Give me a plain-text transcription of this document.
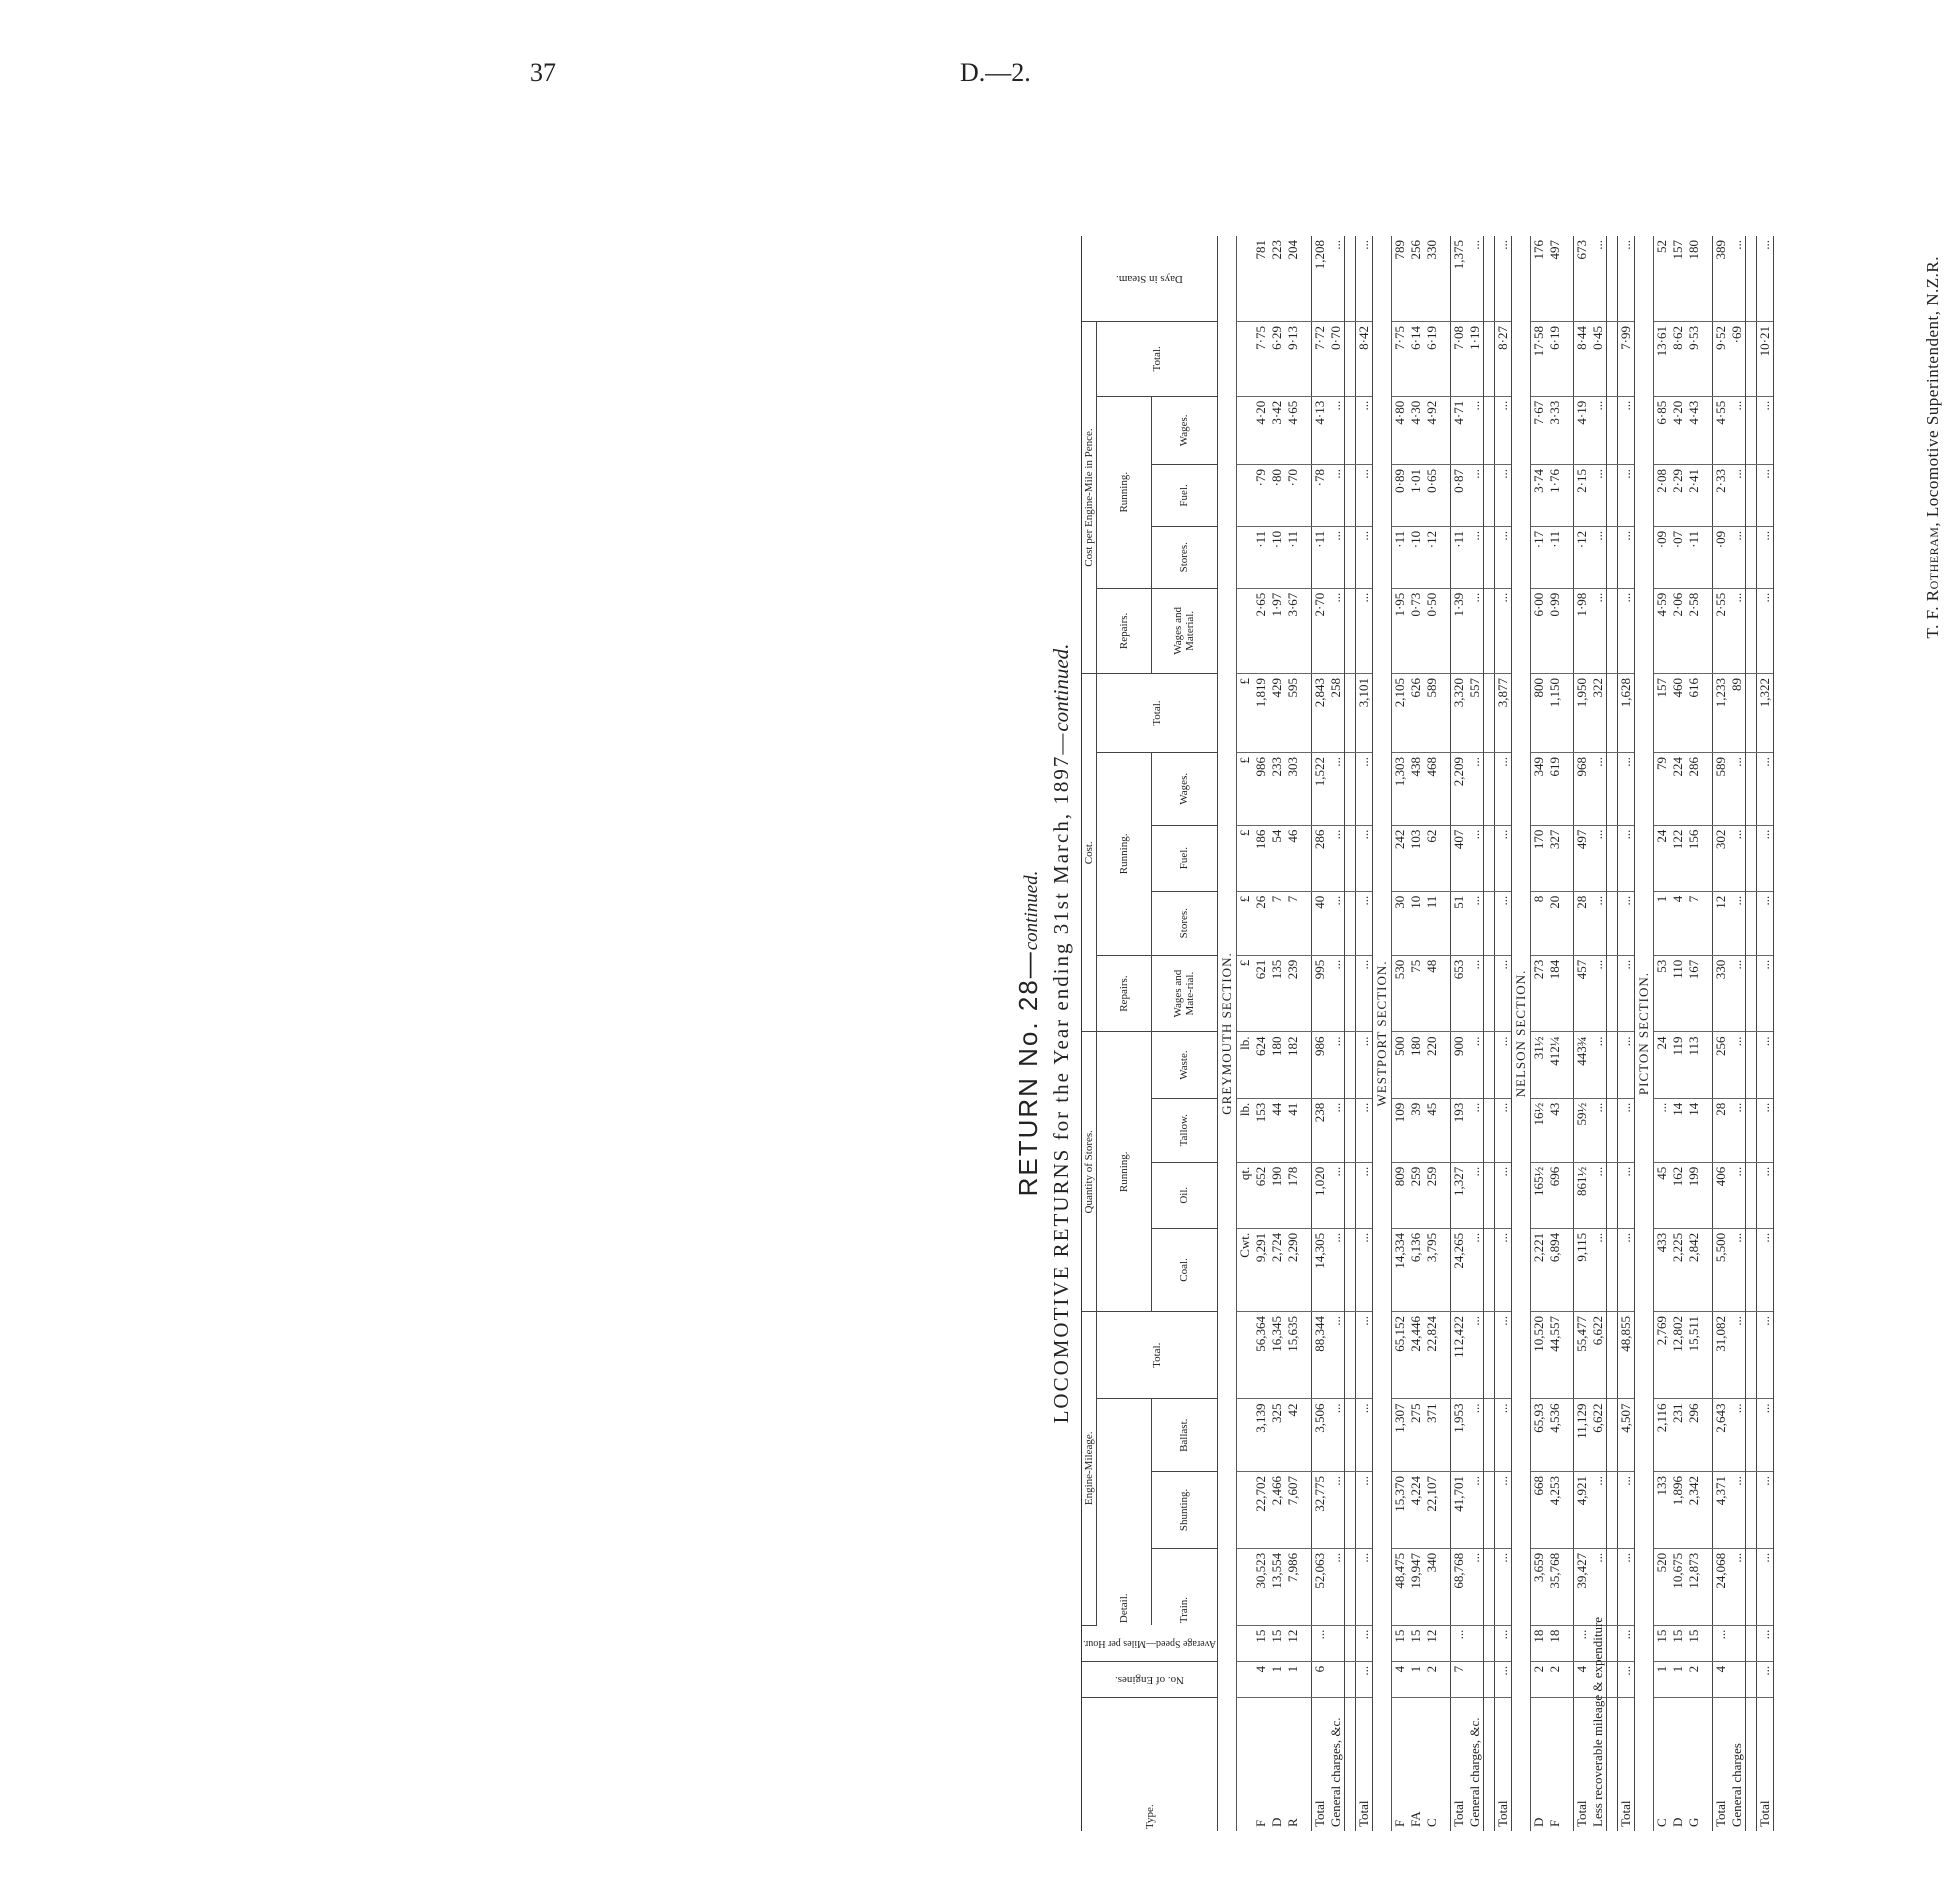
37	D.—2.
RETURN No. 28—continued. LOCOMOTIVE RETURNS for the Year ending 31st March, 1897—continued.
Type.	No. of Engines.	Average Speed—Miles per Hour.	Engine-Mileage.				Quantity of Stores.				Cost.					Cost per Engine-Mile in Pence.					Days in Steam.

			Detail.			Total.	Running.				Repairs.	Running.			Total.	Repairs.	Running.			Total.	
			Train.	Shunting.	Ballast.		Coal.	Oil.	Tallow.	Waste.	Wages and Mate-rial.	Stores.	Fuel.	Wages.		Wages and Material.	Stores.	Fuel.	Wages.		

GREYMOUTH SECTION.																					
							Cwt.	qt.	lb.	lb.	£	£	£	£	£						
F	4	15	30,523	22,702	3,139	56,364	9,291	652	153	624	621	26	186	986	1,819	2·65	·11	·79	4·20	7·75	781
D	1	15	13,554	2,466	325	16,345	2,724	190	44	180	135	7	54	233	429	1·97	·10	·80	3·42	6·29	223
R	1	12	7,986	7,607	42	15,635	2,290	178	41	182	239	7	46	303	595	3·67	·11	·70	4·65	9·13	204

Total	6	...	52,063	32,775	3,506	88,344	14,305	1,020	238	986	995	40	286	1,522	2,843	2·70	·11	·78	4·13	7·72	1,208
General charges, &c.			...	...	...	...	...	...	...	...	...	...	...	...	258	...	...	...	...	0·70	...

Total	...	...	...	...	...	...	...	...	...	...	...	...	...	...	3,101	...	...	...	...	8·42	...
WESTPORT SECTION.																					
F	4	15	48,475	15,370	1,307	65,152	14,334	809	109	500	530	30	242	1,303	2,105	1·95	·11	0·89	4·80	7·75	789
FA	1	15	19,947	4,224	275	24,446	6,136	259	39	180	75	10	103	438	626	0·73	·10	1·01	4·30	6·14	256
C	2	12	340	22,107	371	22,824	3,795	259	45	220	48	11	62	468	589	0·50	·12	0·65	4·92	6·19	330

Total	7	...	68,768	41,701	1,953	112,422	24,265	1,327	193	900	653	51	407	2,209	3,320	1·39	·11	0·87	4·71	7·08	1,375
General charges, &c.			...	...	...	...	...	...	...	...	...	...	...	...	557	...	...	...	...	1·19	...

Total	...	...	...	...	...	...	...	...	...	...	...	...	...	...	3,877	...	...	...	...	8·27	...
NELSON SECTION.																					
D	2	18	3,659	668	65,93	10,520	2,221	165½	16½	31½	273	8	170	349	800	6·00	·17	3·74	7·67	17·58	176
F	2	18	35,768	4,253	4,536	44,557	6,894	696	43	412¼	184	20	327	619	1,150	0·99	·11	1·76	3·33	6·19	497

Total	4	...	39,427	4,921	11,129	55,477	9,115	861½	59½	443¾	457	28	497	968	1,950	1·98	·12	2·15	4·19	8·44	673
Less recoverable mileage & expenditure			...	...	6,622	6,622	...	...	...	...	...	...	...	...	322	...	...	...	...	0·45	...

Total	...	...	...	...	4,507	48,855	...	...	...	...	...	...	...	...	1,628	...	...	...	...	7·99	...
PICTON SECTION.																					
C	1	15	520	133	2,116	2,769	433	45	...	24	53	1	24	79	157	4·59	·09	2·08	6·85	13·61	52
D	1	15	10,675	1,896	231	12,802	2,225	162	14	119	110	4	122	224	460	2·06	·07	2·29	4·20	8·62	157
G	2	15	12,873	2,342	296	15,511	2,842	199	14	113	167	7	156	286	616	2·58	·11	2·41	4·43	9·53	180

Total	4	...	24,068	4,371	2,643	31,082	5,500	406	28	256	330	12	302	589	1,233	2·55	·09	2·33	4·55	9·52	389
General charges			...	...	...	...	...	...	...	...	...	...	...	...	89	...	...	...	...	·69	...

Total	...	...	...	...	...	...	...	...	...	...	...	...	...	...	1,322	...	...	...	...	10·21	...
T. F. Rotheram, Locomotive Superintendent, N.Z.R.
